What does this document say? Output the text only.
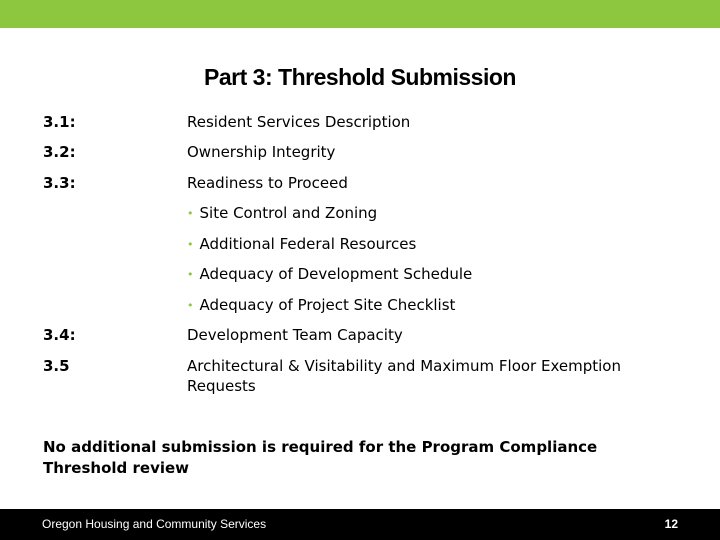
Part 3: Threshold Submission
3.1:	Resident Services Description
3.2:	Ownership Integrity
3.3:	Readiness to Proceed
• Site Control and Zoning
• Additional Federal Resources
• Adequacy of Development Schedule
• Adequacy of Project Site Checklist
3.4:	Development Team Capacity
3.5	Architectural & Visitability and Maximum Floor Exemption Requests
No additional submission is required for the Program Compliance Threshold review
Oregon Housing and Community Services	12
